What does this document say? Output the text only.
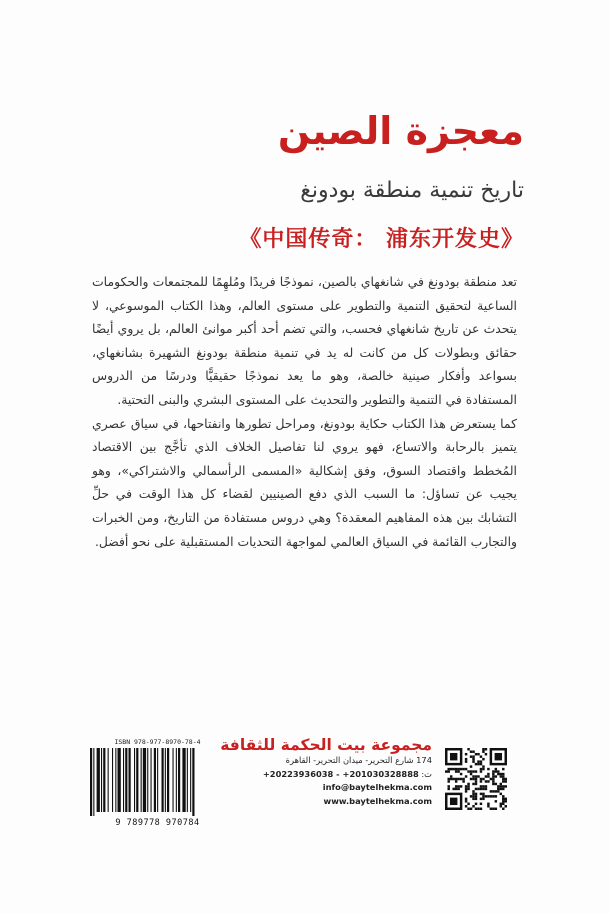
معجزة الصين
تاريخ تنمية منطقة بودونغ
《中国传奇： 浦东开发史》

تعد منطقة بودونغ في شانغهاي بالصين، نموذجًا فريدًا ومُلهِمًا للمجتمعات والحكومات الساعية لتحقيق التنمية والتطوير على مستوى العالم، وهذا الكتاب الموسوعي، لا يتحدث عن تاريخ شانغهاي فحسب، والتي تضم أحد أكبر موانئ العالم، بل يروي أيضًا حقائق وبطولات كل من كانت له يد في تنمية منطقة بودونغ الشهيرة بشانغهاي، بسواعد وأفكار صينية خالصة، وهو ما يعد نموذجًا حقيقيًّا ودرسًا من الدروس المستفادة في التنمية والتطوير والتحديث على المستوى البشري والبنى التحتية.

كما يستعرض هذا الكتاب حكاية بودونغ، ومراحل تطورها وانفتاحها، في سياق عصري يتميز بالرحابة والاتساع، فهو يروي لنا تفاصيل الخلاف الذي تأجَّج بين الاقتصاد المُخطط واقتصاد السوق، وفق إشكالية «المسمى الرأسمالي والاشتراكي»، وهو يجيب عن تساؤل: ما السبب الذي دفع الصينيين لقضاء كل هذا الوقت في حلِّ التشابك بين هذه المفاهيم المعقدة؟ وهي دروس مستفادة من التاريخ، ومن الخبرات والتجارب القائمة في السياق العالمي لمواجهة التحديات المستقبلية على نحو أفضل.

ISBN 978-977-8970-78-4
9 789778 970784
مجموعة بيت الحكمة للثقافة
174 شارع التحرير- ميدان التحرير- القاهرة
ت: +20223936038 - +201030328888
info@baytelhekma.com
www.baytelhekma.com
